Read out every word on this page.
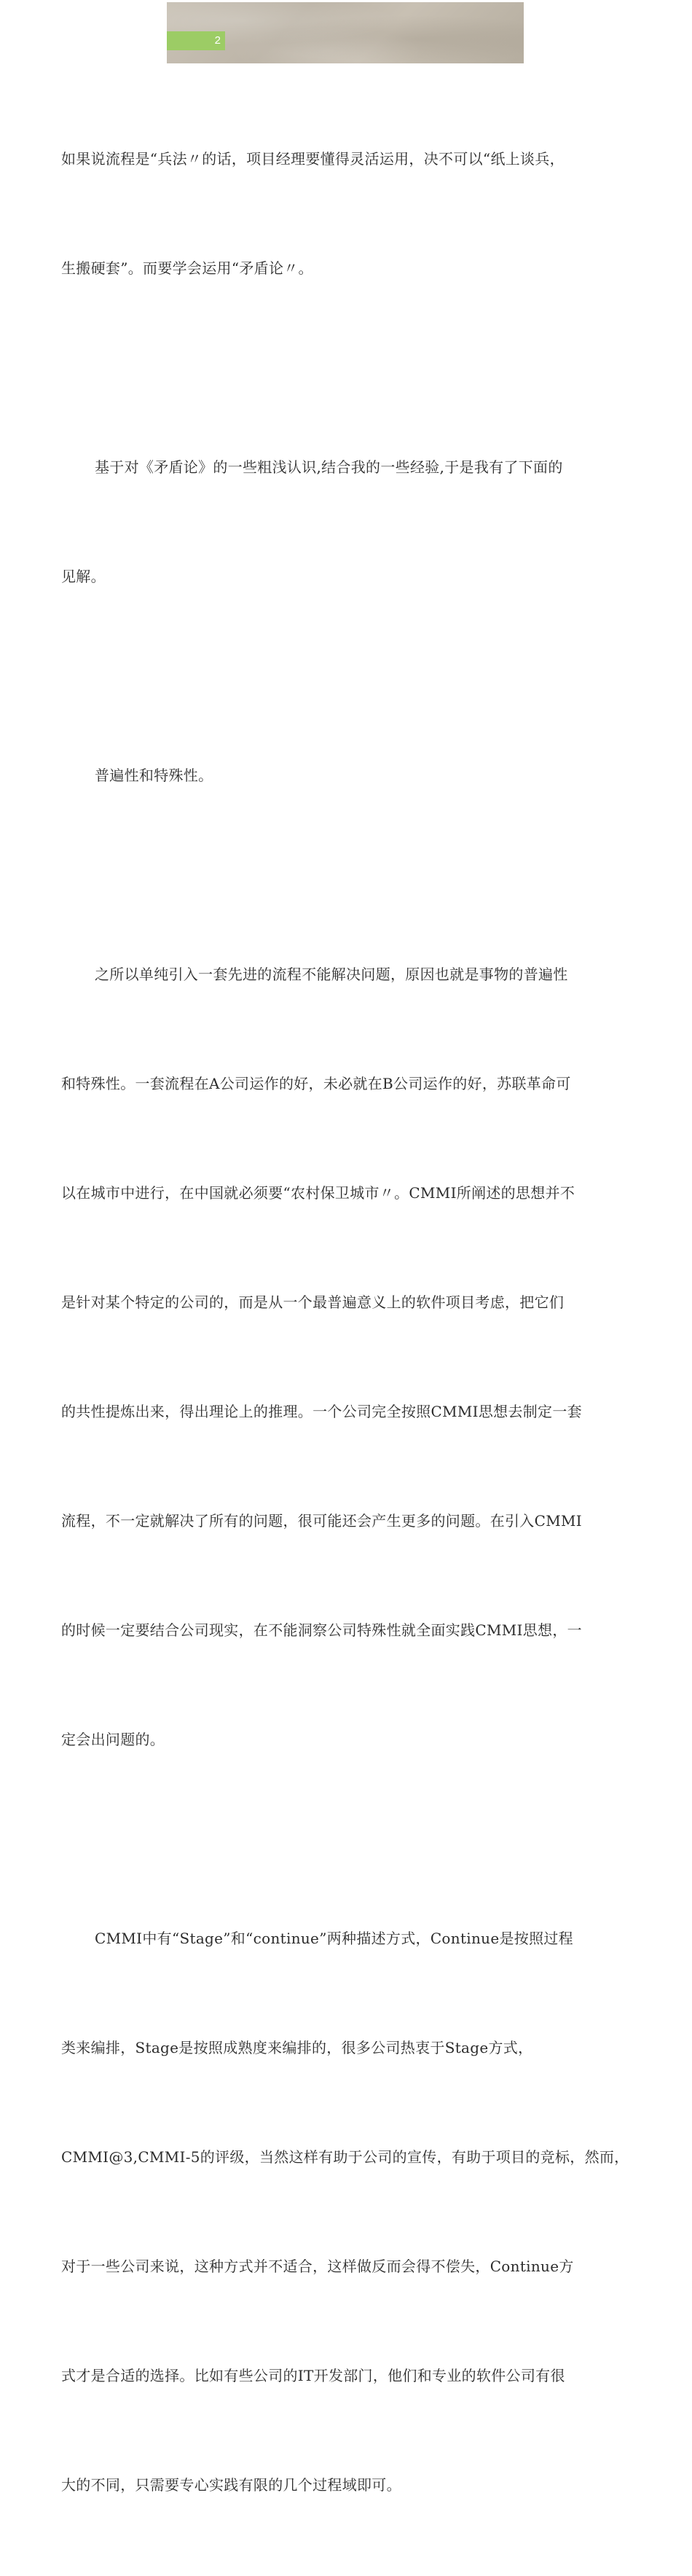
2

如果说流程是“兵法〃的话，项目经理要懂得灵活运用，决不可以“纸上谈兵，

生搬硬套”。而要学会运用“矛盾论〃。

基于对《矛盾论》的一些粗浅认识,结合我的一些经验,于是我有了下面的

见解。

普遍性和特殊性。

之所以单纯引入一套先进的流程不能解决问题，原因也就是事物的普遍性

和特殊性。一套流程在A公司运作的好，未必就在B公司运作的好，苏联革命可

以在城市中进行，在中国就必须要“农村保卫城市〃。CMMI所阐述的思想并不

是针对某个特定的公司的，而是从一个最普遍意义上的软件项目考虑，把它们

的共性提炼出来，得出理论上的推理。一个公司完全按照CMMI思想去制定一套

流程，不一定就解决了所有的问题，很可能还会产生更多的问题。在引入CMMI

的时候一定要结合公司现实，在不能洞察公司特殊性就全面实践CMMI思想，一

定会出问题的。

CMMI中有“Stage”和“continue”两种描述方式，Continue是按照过程

类来编排，Stage是按照成熟度来编排的，很多公司热衷于Stage方式，

CMMI@3,CMMI-5的评级，当然这样有助于公司的宣传，有助于项目的竞标，然而，

对于一些公司来说，这种方式并不适合，这样做反而会得不偿失，Continue方

式才是合适的选择。比如有些公司的IT开发部门，他们和专业的软件公司有很

大的不同，只需要专心实践有限的几个过程域即可。
